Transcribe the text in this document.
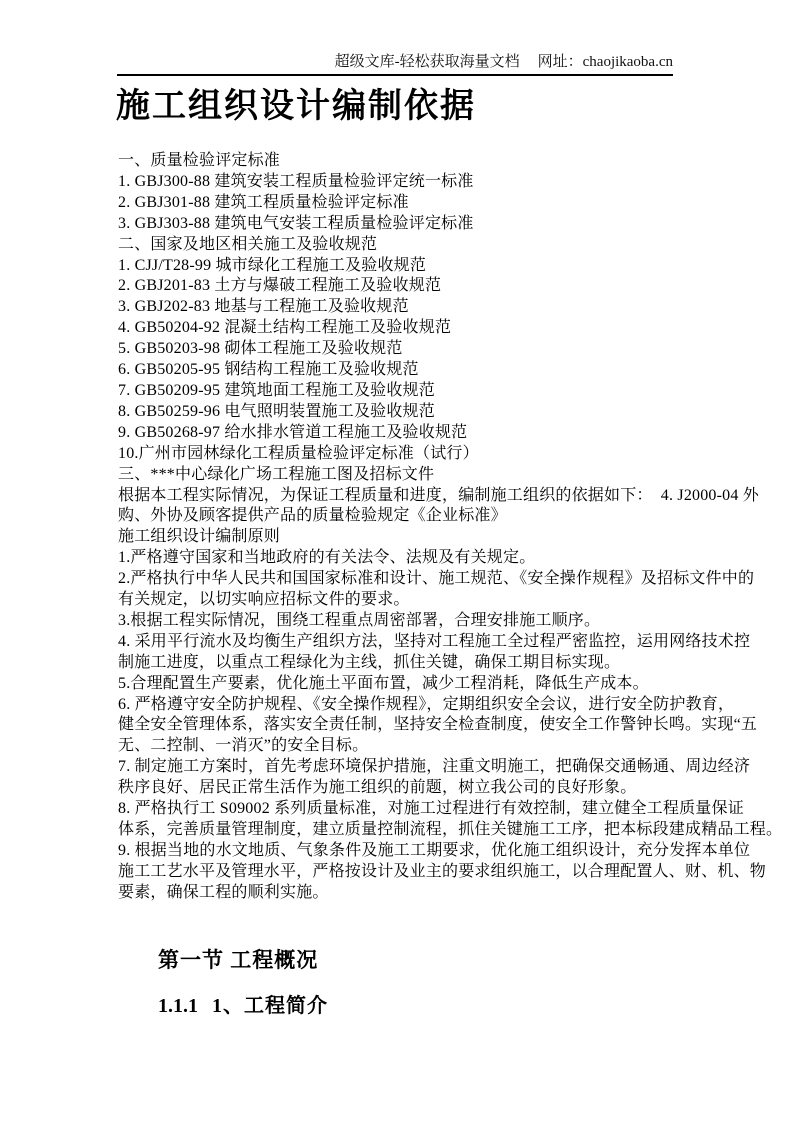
超级文库-轻松获取海量文档 网址：chaojikaoba.cn
施工组织设计编制依据
一、质量检验评定标准
1. GBJ300-88 建筑安装工程质量检验评定统一标准
2. GBJ301-88 建筑工程质量检验评定标准
3. GBJ303-88 建筑电气安装工程质量检验评定标准
二、国家及地区相关施工及验收规范
1. CJJ/T28-99 城市绿化工程施工及验收规范
2. GBJ201-83 土方与爆破工程施工及验收规范
3. GBJ202-83 地基与工程施工及验收规范
4. GB50204-92 混凝土结构工程施工及验收规范
5. GB50203-98 砌体工程施工及验收规范
6. GB50205-95 钢结构工程施工及验收规范
7. GB50209-95 建筑地面工程施工及验收规范
8. GB50259-96 电气照明装置施工及验收规范
9. GB50268-97 给水排水管道工程施工及验收规范
10.广州市园林绿化工程质量检验评定标准（试行）
三、***中心绿化广场工程施工图及招标文件
根据本工程实际情况，为保证工程质量和进度，编制施工组织的依据如下：　4. J2000-04 外
购、外协及顾客提供产品的质量检验规定《企业标准》
施工组织设计编制原则
1.严格遵守国家和当地政府的有关法令、法规及有关规定。
2.严格执行中华人民共和国国家标准和设计、施工规范、《安全操作规程》及招标文件中的
有关规定，以切实响应招标文件的要求。
3.根据工程实际情况，围绕工程重点周密部署，合理安排施工顺序。
4. 采用平行流水及均衡生产组织方法，坚持对工程施工全过程严密监控，运用网络技术控
制施工进度，以重点工程绿化为主线，抓住关键，确保工期目标实现。
5.合理配置生产要素，优化施土平面布置，减少工程消耗，降低生产成本。
6. 严格遵守安全防护规程、《安全操作规程》，定期组织安全会议，进行安全防护教育，
健全安全管理体系，落实安全责任制，坚持安全检查制度，使安全工作警钟长鸣。实现“五
无、二控制、一消灭”的安全目标。
7. 制定施工方案时，首先考虑环境保护措施，注重文明施工，把确保交通畅通、周边经济
秩序良好、居民正常生活作为施工组织的前题，树立我公司的良好形象。
8. 严格执行工 S09002 系列质量标准，对施工过程进行有效控制，建立健全工程质量保证
体系，完善质量管理制度，建立质量控制流程，抓住关键施工工序，把本标段建成精品工程。
9. 根据当地的水文地质、气象条件及施工工期要求，优化施工组织设计，充分发挥本单位
施工工艺水平及管理水平，严格按设计及业主的要求组织施工，以合理配置人、财、机、物
要素，确保工程的顺利实施。
第一节 工程概况
1.1.1 1、工程简介
